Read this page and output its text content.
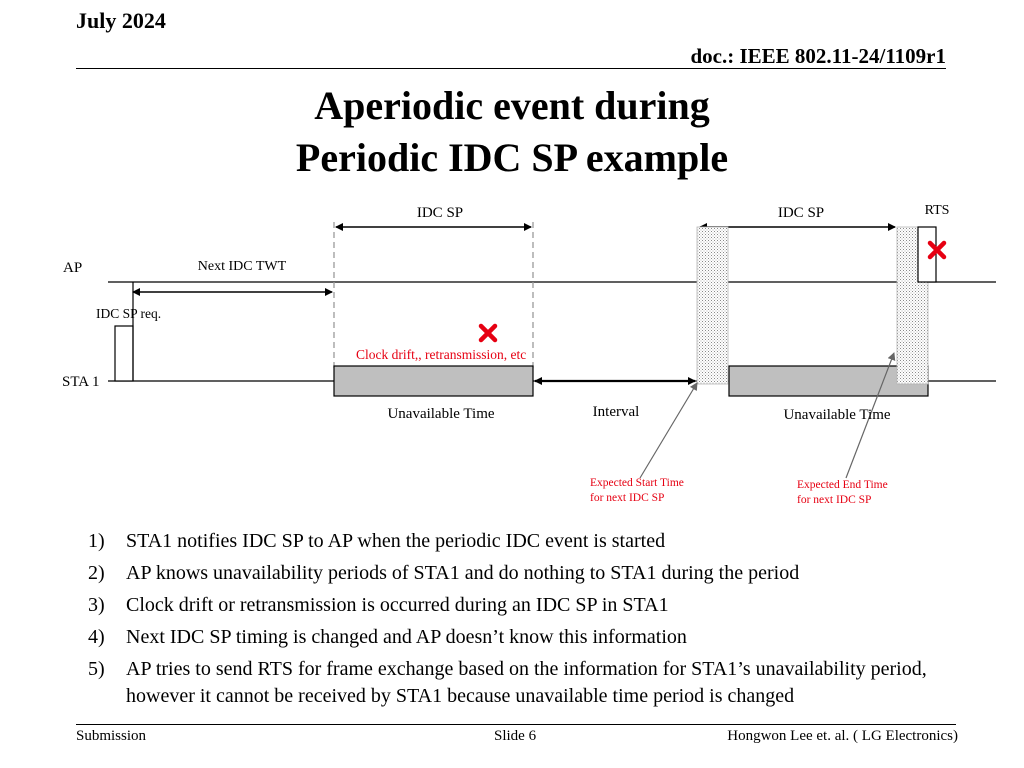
July 2024
doc.: IEEE 802.11-24/1109r1
Aperiodic event during
Periodic IDC SP example
IDC SP	IDC SP	RTS
AP	Next IDC TWT
IDC SP req.
Clock drift,, retransmission, etc
STA 1
Unavailable Time	Interval	Unavailable Time
Expected Start Time
for next IDC SP
Expected End Time
for next IDC SP
1) STA1 notifies IDC SP to AP when the periodic IDC event is started
2) AP knows unavailability periods of STA1 and do nothing to STA1 during the period
3) Clock drift or retransmission is occurred during an IDC SP in STA1
4) Next IDC SP timing is changed and AP doesn’t know this information
5) AP tries to send RTS for frame exchange based on the information for STA1’s unavailability period, however it cannot be received by STA1 because unavailable time period is changed
Submission	Slide 6	Hongwon Lee et. al. ( LG Electronics)
